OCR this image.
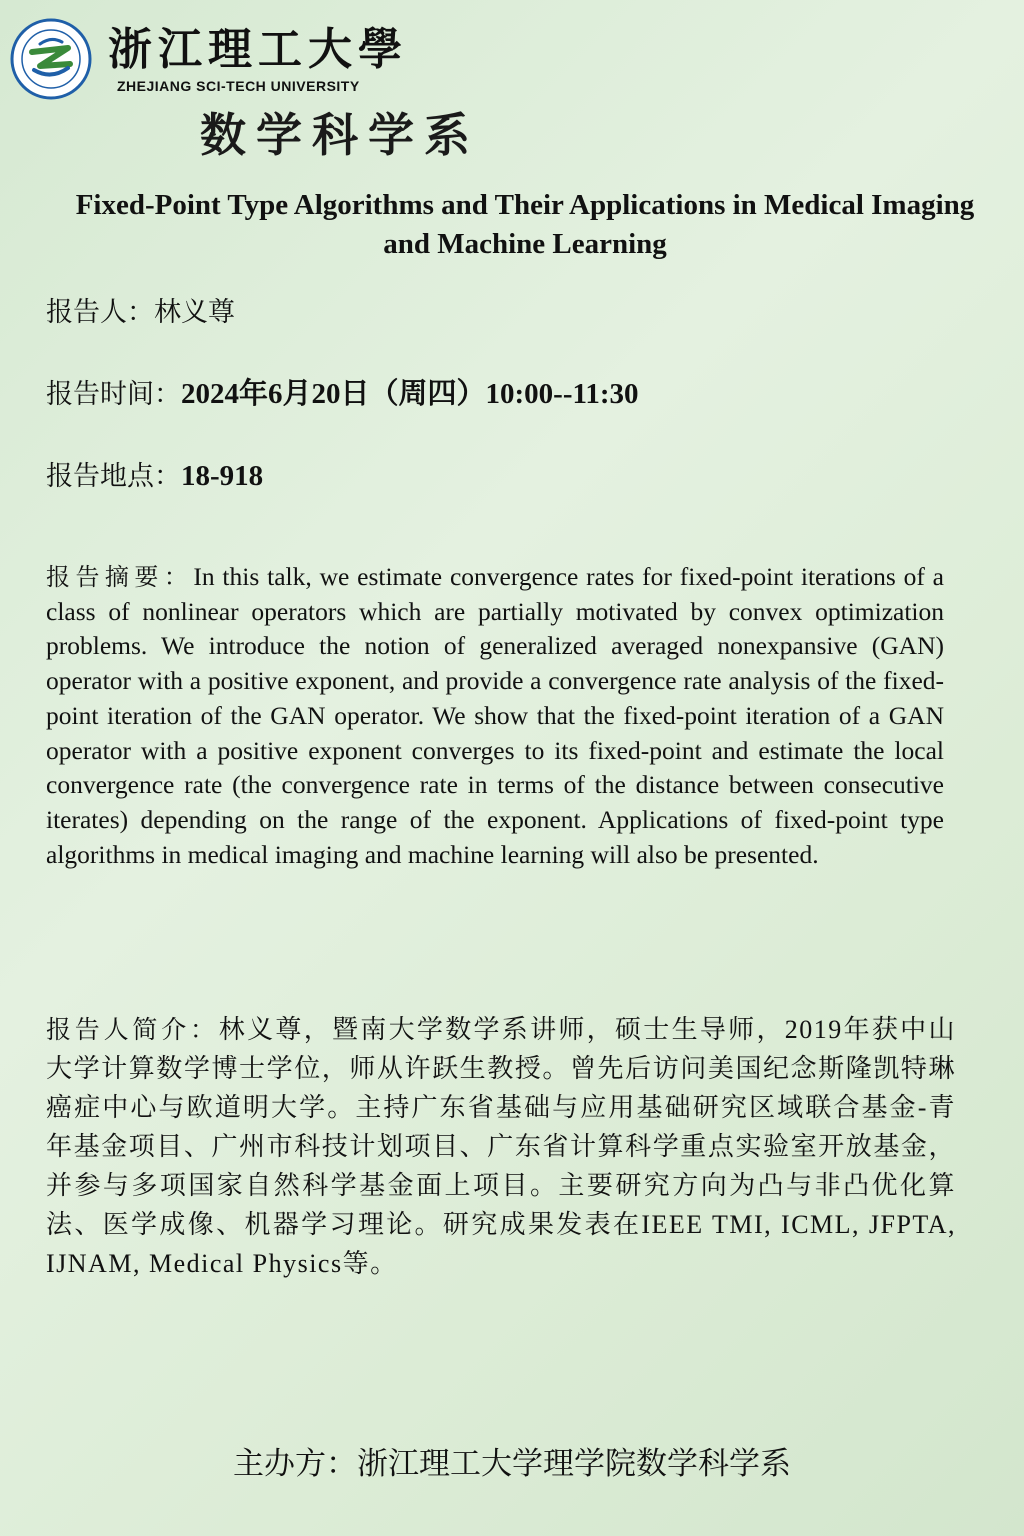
浙江理工大學
ZHEJIANG SCI-TECH UNIVERSITY
数学科学系
Fixed-Point Type Algorithms and Their Applications in Medical Imaging and Machine Learning
报告人：林义尊
报告时间：2024年6月20日（周四）10:00--11:30
报告地点：18-918
报告摘要：In this talk, we estimate convergence rates for fixed-point iterations of a class of nonlinear operators which are partially motivated by convex optimization problems. We introduce the notion of generalized averaged nonexpansive (GAN) operator with a positive exponent, and provide a convergence rate analysis of the fixed-point iteration of the GAN operator. We show that the fixed-point iteration of a GAN operator with a positive exponent converges to its fixed-point and estimate the local convergence rate (the convergence rate in terms of the distance between consecutive iterates) depending on the range of the exponent. Applications of fixed-point type algorithms in medical imaging and machine learning will also be presented.
报告人简介：林义尊，暨南大学数学系讲师，硕士生导师，2019年获中山大学计算数学博士学位，师从许跃生教授。曾先后访问美国纪念斯隆凯特琳癌症中心与欧道明大学。主持广东省基础与应用基础研究区域联合基金-青年基金项目、广州市科技计划项目、广东省计算科学重点实验室开放基金，并参与多项国家自然科学基金面上项目。主要研究方向为凸与非凸优化算法、医学成像、机器学习理论。研究成果发表在IEEE TMI, ICML, JFPTA, IJNAM, Medical Physics等。
主办方：浙江理工大学理学院数学科学系
